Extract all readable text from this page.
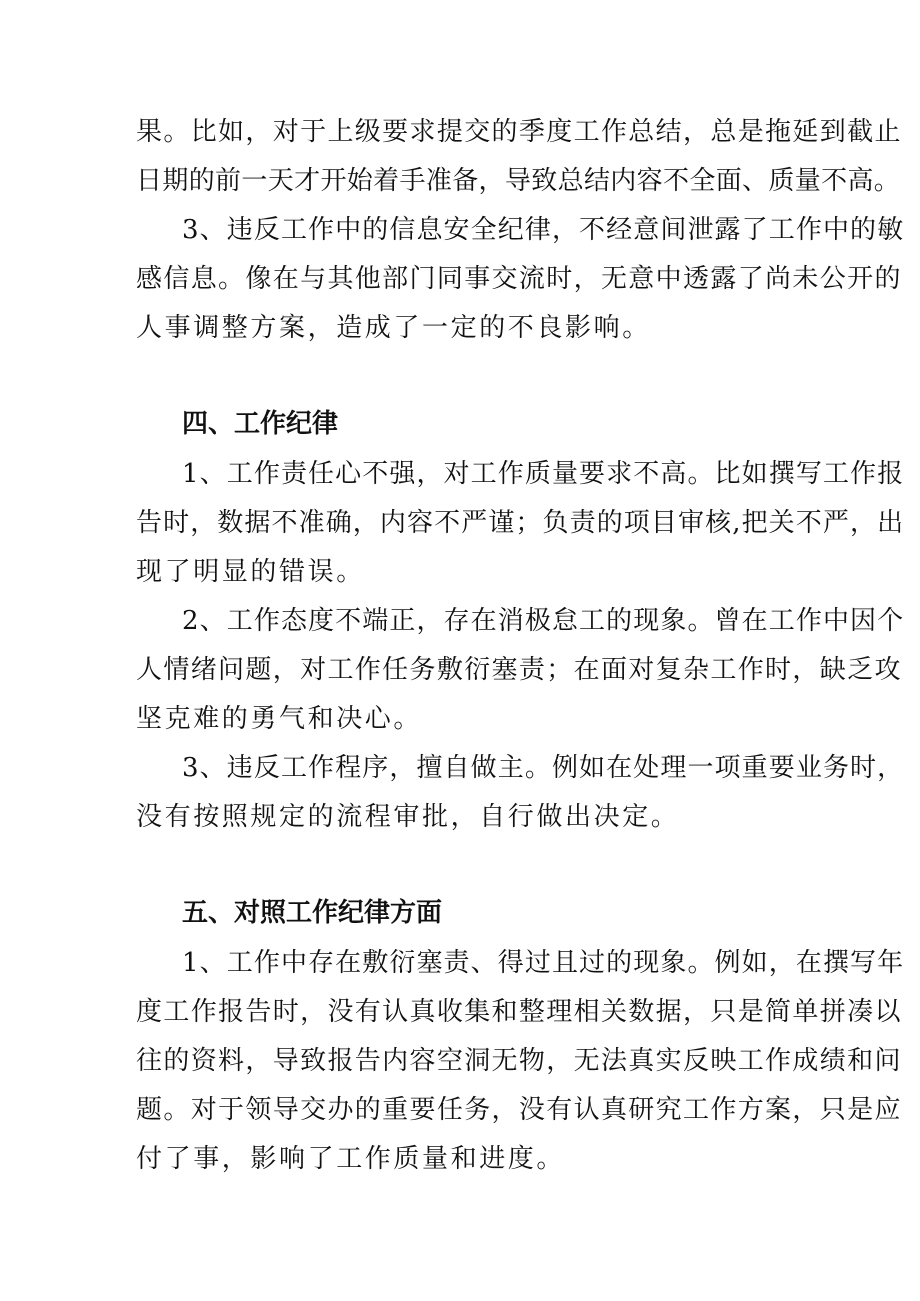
果。比如，对于上级要求提交的季度工作总结，总是拖延到截止

日期的前一天才开始着手准备，导致总结内容不全面、质量不高。

3、违反工作中的信息安全纪律，不经意间泄露了工作中的敏

感信息。像在与其他部门同事交流时，无意中透露了尚未公开的

人事调整方案，造成了一定的不良影响。

四、工作纪律

1、工作责任心不强，对工作质量要求不高。比如撰写工作报

告时，数据不准确，内容不严谨；负责的项目审核,把关不严，出

现了明显的错误。

2、工作态度不端正，存在消极怠工的现象。曾在工作中因个

人情绪问题，对工作任务敷衍塞责；在面对复杂工作时，缺乏攻

坚克难的勇气和决心。

3、违反工作程序，擅自做主。例如在处理一项重要业务时，

没有按照规定的流程审批，自行做出决定。

五、对照工作纪律方面

1、工作中存在敷衍塞责、得过且过的现象。例如，在撰写年

度工作报告时，没有认真收集和整理相关数据，只是简单拼凑以

往的资料，导致报告内容空洞无物，无法真实反映工作成绩和问

题。对于领导交办的重要任务，没有认真研究工作方案，只是应

付了事，影响了工作质量和进度。
